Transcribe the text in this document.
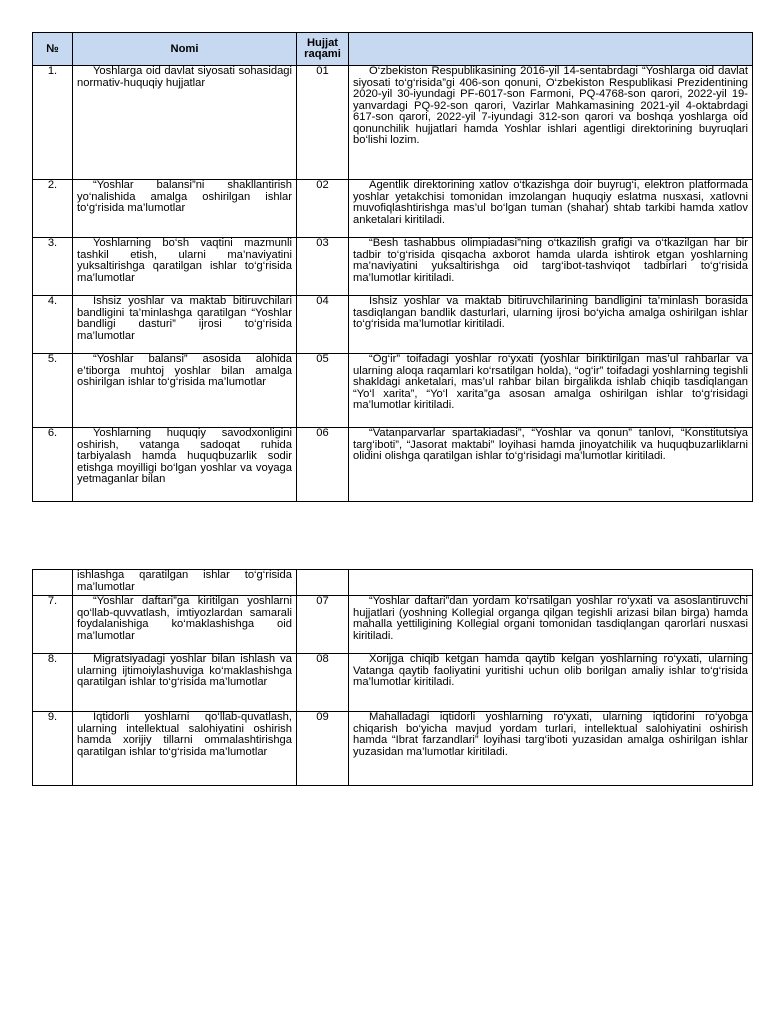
№	Nomi	Hujjat raqami	
1.	Yoshlarga oid davlat siyosati sohasidagi normativ-huquqiy hujjatlar	01	O‘zbekiston Respublikasining 2016-yil 14-sentabrdagi “Yoshlarga oid davlat siyosati to‘g‘risida”gi 406-son qonuni, O‘zbekiston Respublikasi Prezidentining 2020-yil 30-iyundagi PF-6017-son Farmoni, PQ-4768-son qarori, 2022-yil 19-yanvardagi PQ-92-son qarori, Vazirlar Mahkamasining 2021-yil 4-oktabrdagi 617-son qarori, 2022-yil 7-iyundagi 312-son qarori va boshqa yoshlarga oid qonunchilik hujjatlari hamda Yoshlar ishlari agentligi direktorining buyruqlari bo‘lishi lozim.

2.	“Yoshlar balansi”ni shakllantirish yo‘nalishida amalga oshirilgan ishlar to‘g‘risida ma’lumotlar	02	Agentlik direktorining xatlov o‘tkazishga doir buyrug‘i, elektron platformada yoshlar yetakchisi tomonidan imzolangan huquqiy eslatma nusxasi, xatlovni muvofiqlashtirishga mas’ul bo‘lgan tuman (shahar) shtab tarkibi hamda xatlov anketalari kiritiladi.

3.	Yoshlarning bo‘sh vaqtini mazmunli tashkil etish, ularni ma’naviyatini yuksaltirishga qaratilgan ishlar to‘g‘risida ma’lumotlar	03	“Besh tashabbus olimpiadasi”ning o‘tkazilish grafigi va o‘tkazilgan har bir tadbir to‘g‘risida qisqacha axborot hamda ularda ishtirok etgan yoshlarning ma’naviyatini yuksaltirishga oid targ‘ibot-tashviqot tadbirlari to‘g‘risida ma’lumotlar kiritiladi.

4.	Ishsiz yoshlar va maktab bitiruvchilari bandligini ta’minlashga qaratilgan “Yoshlar bandligi dasturi” ijrosi to‘g‘risida ma’lumotlar	04	Ishsiz yoshlar va maktab bitiruvchilarining bandligini ta’minlash borasida tasdiqlangan bandlik dasturlari, ularning ijrosi bo‘yicha amalga oshirilgan ishlar to‘g‘risida ma’lumotlar kiritiladi.

5.	“Yoshlar balansi” asosida alohida e’tiborga muhtoj yoshlar bilan amalga oshirilgan ishlar to‘g‘risida ma’lumotlar	05	“Og‘ir” toifadagi yoshlar ro‘yxati (yoshlar biriktirilgan mas’ul rahbarlar va ularning aloqa raqamlari ko‘rsatilgan holda), “og‘ir” toifadagi yoshlarning tegishli shakldagi anketalari, mas’ul rahbar bilan birgalikda ishlab chiqib tasdiqlangan “Yo‘l xarita”, “Yo‘l xarita”ga asosan amalga oshirilgan ishlar to‘g‘risidagi ma’lumotlar kiritiladi.

6.	Yoshlarning huquqiy savodxonligini oshirish, vatanga sadoqat ruhida tarbiyalash hamda huquqbuzarlik sodir etishga moyilligi bo‘lgan yoshlar va voyaga yetmaganlar bilan	06	“Vatanparvarlar spartakiadasi”, “Yoshlar va qonun” tanlovi, “Konstitutsiya targ‘iboti”, “Jasorat maktabi” loyihasi hamda jinoyatchilik va huquqbuzarliklarni olidini olishga qaratilgan ishlar to‘g‘risidagi ma’lumotlar kiritiladi.

	ishlashga qaratilgan ishlar to‘g‘risida ma’lumotlar		

7.	“Yoshlar daftari”ga kiritilgan yoshlarni qo‘llab-quvvatlash, imtiyozlardan samarali foydalanishiga ko‘maklashishga oid ma’lumotlar	07	“Yoshlar daftari”dan yordam ko‘rsatilgan yoshlar ro‘yxati va asoslantiruvchi hujjatlari (yoshning Kollegial organga qilgan tegishli arizasi bilan birga) hamda mahalla yettiligining Kollegial organi tomonidan tasdiqlangan qarorlari nusxasi kiritiladi.

8.	Migratsiyadagi yoshlar bilan ishlash va ularning ijtimoiylashuviga ko‘maklashishga qaratilgan ishlar to‘g‘risida ma’lumotlar	08	Xorijga chiqib ketgan hamda qaytib kelgan yoshlarning ro‘yxati, ularning Vatanga qaytib faoliyatini yuritishi uchun olib borilgan amaliy ishlar to‘g‘risida ma’lumotlar kiritiladi.

9.	Iqtidorli yoshlarni qo‘llab-quvatlash, ularning intellektual salohiyatini oshirish hamda xorijiy tillarni ommalashtirishga qaratilgan ishlar to‘g‘risida ma’lumotlar	09	Mahalladagi iqtidorli yoshlarning ro‘yxati, ularning iqtidorini ro‘yobga chiqarish bo‘yicha mavjud yordam turlari, intellektual salohiyatini oshirish hamda “Ibrat farzandlari” loyihasi targ‘iboti yuzasidan amalga oshirilgan ishlar yuzasidan ma’lumotlar kiritiladi.
